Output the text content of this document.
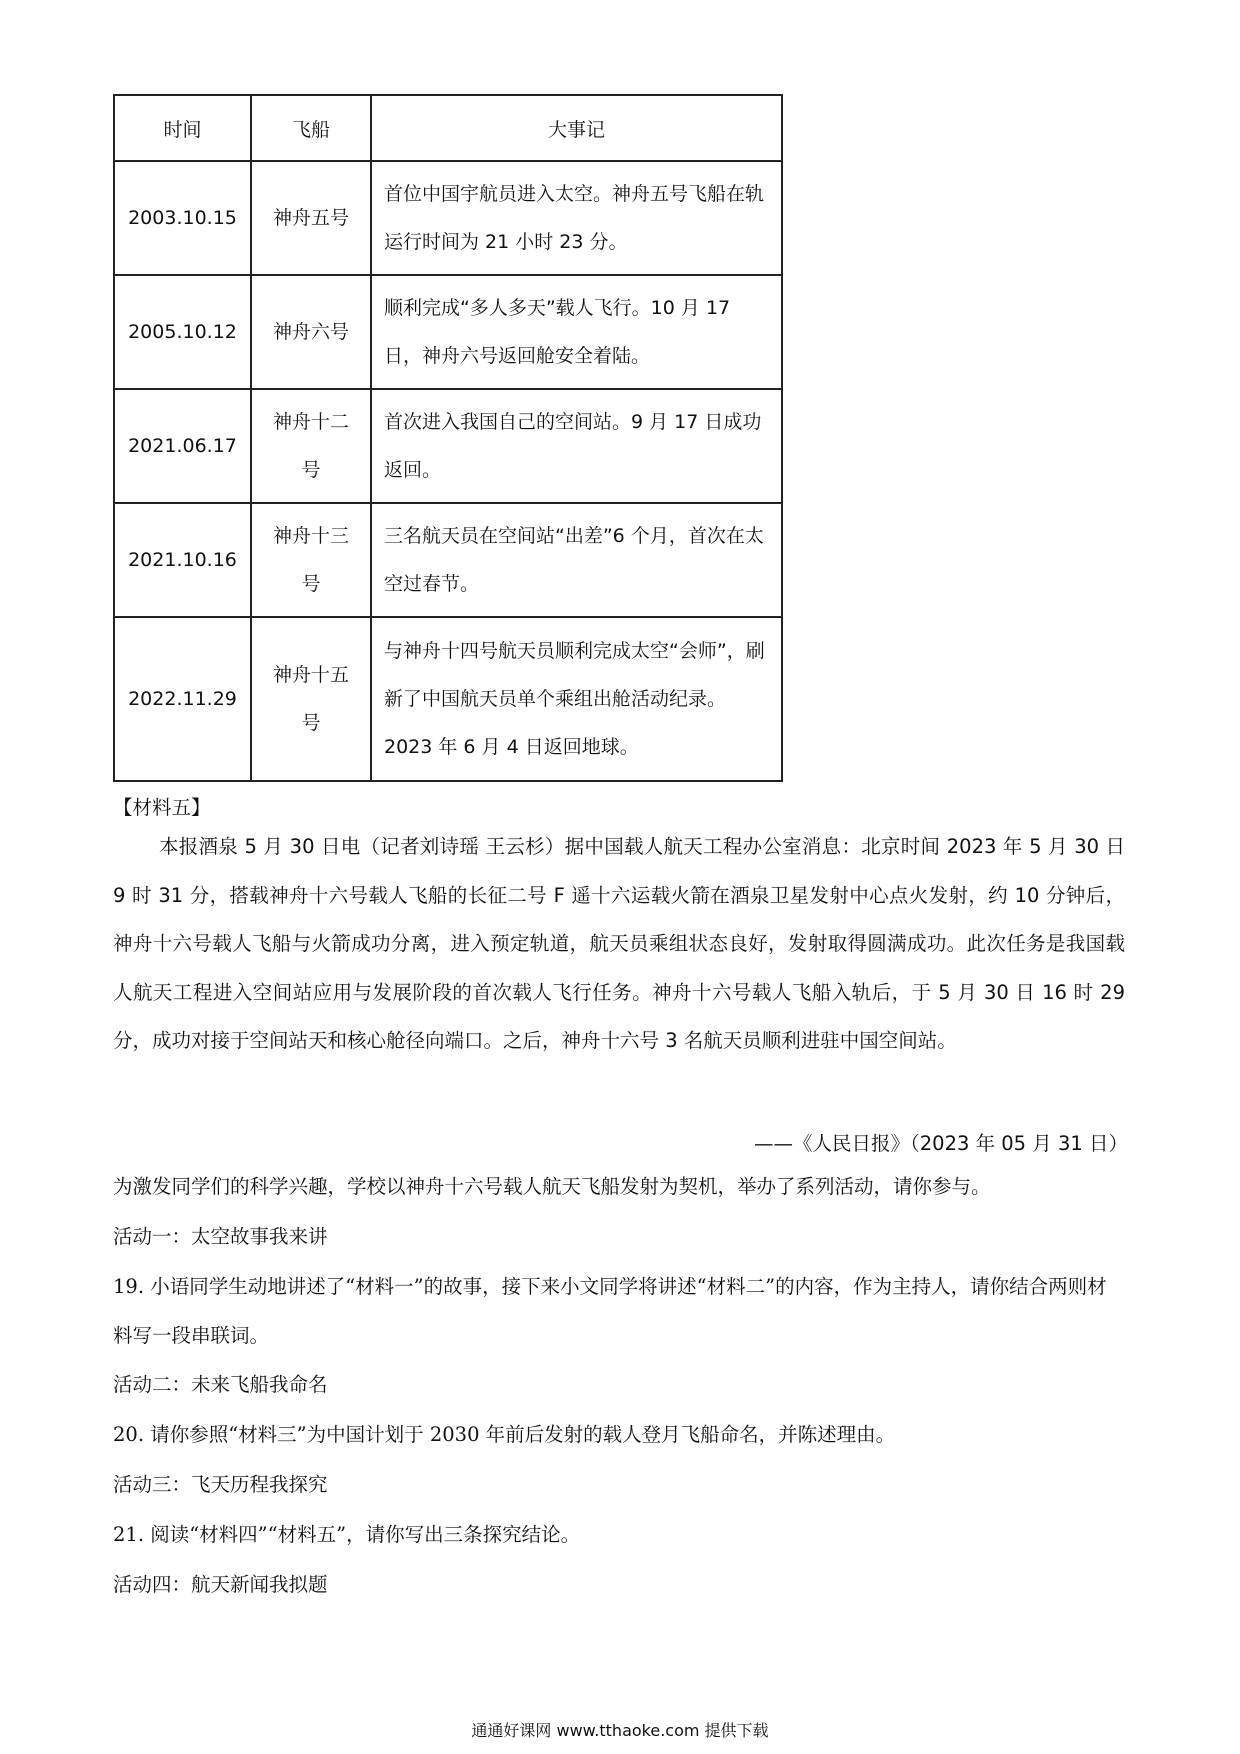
时间	飞船	大事记
2003.10.15	神舟五号	首位中国宇航员进入太空。神舟五号飞船在轨运行时间为 21 小时 23 分。
2005.10.12	神舟六号	顺利完成“多人多天”载人飞行。10 月 17 日，神舟六号返回舱安全着陆。
2021.06.17	神舟十二号	首次进入我国自己的空间站。9 月 17 日成功返回。
2021.10.16	神舟十三号	三名航天员在空间站“出差”6 个月，首次在太空过春节。
2022.11.29	神舟十五号	与神舟十四号航天员顺利完成太空“会师”，刷新了中国航天员单个乘组出舱活动纪录。2023 年 6 月 4 日返回地球。
【材料五】
本报酒泉 5 月 30 日电（记者刘诗瑶 王云杉）据中国载人航天工程办公室消息：北京时间 2023 年 5 月 30 日 9 时 31 分，搭载神舟十六号载人飞船的长征二号 F 遥十六运载火箭在酒泉卫星发射中心点火发射，约 10 分钟后，神舟十六号载人飞船与火箭成功分离，进入预定轨道，航天员乘组状态良好，发射取得圆满成功。此次任务是我国载人航天工程进入空间站应用与发展阶段的首次载人飞行任务。神舟十六号载人飞船入轨后，于 5 月 30 日 16 时 29 分，成功对接于空间站天和核心舱径向端口。之后，神舟十六号 3 名航天员顺利进驻中国空间站。
——《人民日报》（2023 年 05 月 31 日）
为激发同学们的科学兴趣，学校以神舟十六号载人航天飞船发射为契机，举办了系列活动，请你参与。
活动一：太空故事我来讲
19. 小语同学生动地讲述了“材料一”的故事，接下来小文同学将讲述“材料二”的内容，作为主持人，请你结合两则材料写一段串联词。
活动二：未来飞船我命名
20. 请你参照“材料三”为中国计划于 2030 年前后发射的载人登月飞船命名，并陈述理由。
活动三：飞天历程我探究
21. 阅读“材料四”“材料五”，请你写出三条探究结论。
活动四：航天新闻我拟题
通通好课网 www.tthaoke.com 提供下载
